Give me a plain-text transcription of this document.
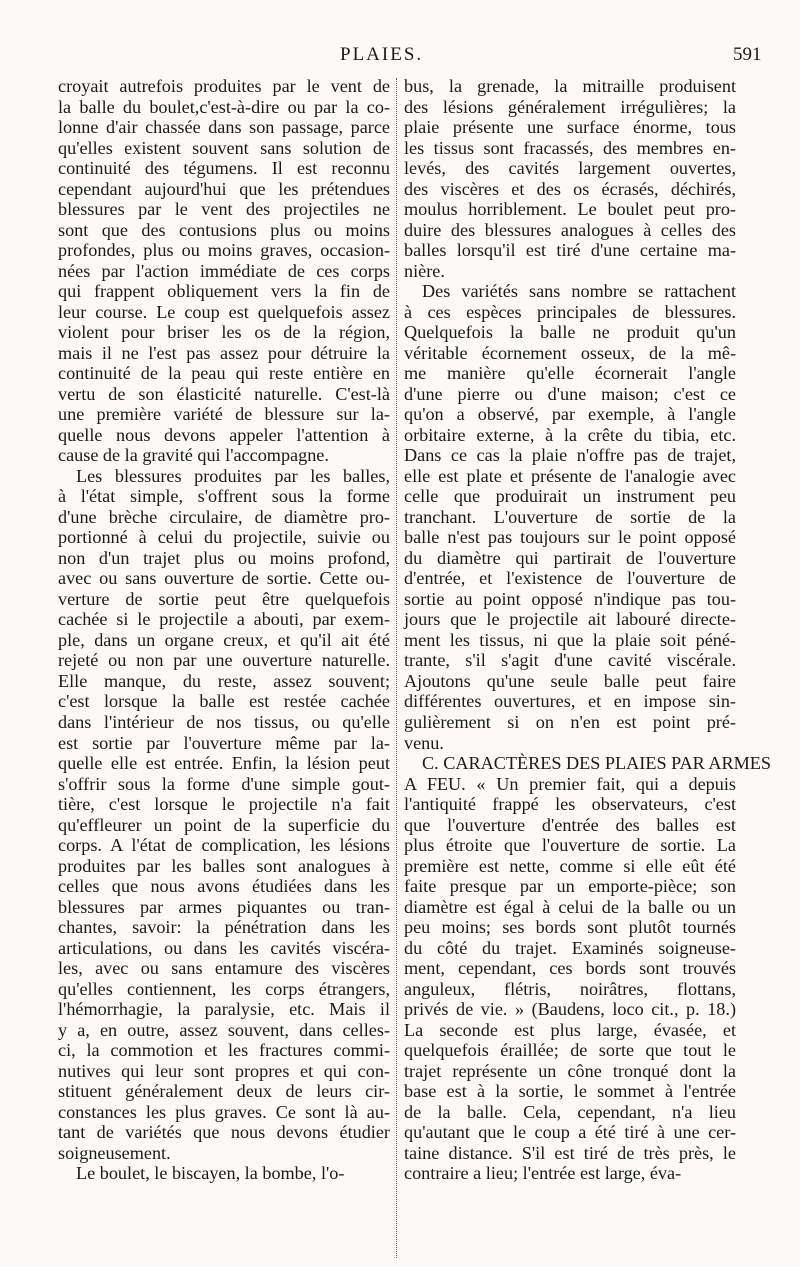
PLAIES.	591
croyait autrefois produites par le vent de
la balle du boulet,c'est-à-dire ou par la co-
lonne d'air chassée dans son passage, parce
qu'elles existent souvent sans solution de
continuité des tégumens. Il est reconnu
cependant aujourd'hui que les prétendues
blessures par le vent des projectiles ne
sont que des contusions plus ou moins
profondes, plus ou moins graves, occasion-
nées par l'action immédiate de ces corps
qui frappent obliquement vers la fin de
leur course. Le coup est quelquefois assez
violent pour briser les os de la région,
mais il ne l'est pas assez pour détruire la
continuité de la peau qui reste entière en
vertu de son élasticité naturelle. C'est-là
une première variété de blessure sur la-
quelle nous devons appeler l'attention à
cause de la gravité qui l'accompagne.
Les blessures produites par les balles,
à l'état simple, s'offrent sous la forme
d'une brèche circulaire, de diamètre pro-
portionné à celui du projectile, suivie ou
non d'un trajet plus ou moins profond,
avec ou sans ouverture de sortie. Cette ou-
verture de sortie peut être quelquefois
cachée si le projectile a abouti, par exem-
ple, dans un organe creux, et qu'il ait été
rejeté ou non par une ouverture naturelle.
Elle manque, du reste, assez souvent;
c'est lorsque la balle est restée cachée
dans l'intérieur de nos tissus, ou qu'elle
est sortie par l'ouverture même par la-
quelle elle est entrée. Enfin, la lésion peut
s'offrir sous la forme d'une simple gout-
tière, c'est lorsque le projectile n'a fait
qu'effleurer un point de la superficie du
corps. A l'état de complication, les lésions
produites par les balles sont analogues à
celles que nous avons étudiées dans les
blessures par armes piquantes ou tran-
chantes, savoir: la pénétration dans les
articulations, ou dans les cavités viscéra-
les, avec ou sans entamure des viscères
qu'elles contiennent, les corps étrangers,
l'hémorrhagie, la paralysie, etc. Mais il
y a, en outre, assez souvent, dans celles-
ci, la commotion et les fractures commi-
nutives qui leur sont propres et qui con-
stituent généralement deux de leurs cir-
constances les plus graves. Ce sont là au-
tant de variétés que nous devons étudier
soigneusement.
Le boulet, le biscayen, la bombe, l'o-
bus, la grenade, la mitraille produisent
des lésions généralement irrégulières; la
plaie présente une surface énorme, tous
les tissus sont fracassés, des membres en-
levés, des cavités largement ouvertes,
des viscères et des os écrasés, déchirés,
moulus horriblement. Le boulet peut pro-
duire des blessures analogues à celles des
balles lorsqu'il est tiré d'une certaine ma-
nière.
Des variétés sans nombre se rattachent
à ces espèces principales de blessures.
Quelquefois la balle ne produit qu'un
véritable écornement osseux, de la mê-
me manière qu'elle écornerait l'angle
d'une pierre ou d'une maison; c'est ce
qu'on a observé, par exemple, à l'angle
orbitaire externe, à la crête du tibia, etc.
Dans ce cas la plaie n'offre pas de trajet,
elle est plate et présente de l'analogie avec
celle que produirait un instrument peu
tranchant. L'ouverture de sortie de la
balle n'est pas toujours sur le point opposé
du diamètre qui partirait de l'ouverture
d'entrée, et l'existence de l'ouverture de
sortie au point opposé n'indique pas tou-
jours que le projectile ait labouré directe-
ment les tissus, ni que la plaie soit péné-
trante, s'il s'agit d'une cavité viscérale.
Ajoutons qu'une seule balle peut faire
différentes ouvertures, et en impose sin-
gulièrement si on n'en est point pré-
venu.
C. CARACTÈRES DES PLAIES PAR ARMES
A FEU. « Un premier fait, qui a depuis
l'antiquité frappé les observateurs, c'est
que l'ouverture d'entrée des balles est
plus étroite que l'ouverture de sortie. La
première est nette, comme si elle eût été
faite presque par un emporte-pièce; son
diamètre est égal à celui de la balle ou un
peu moins; ses bords sont plutôt tournés
du côté du trajet. Examinés soigneuse-
ment, cependant, ces bords sont trouvés
anguleux, flétris, noirâtres, flottans,
privés de vie. » (Baudens, loco cit., p. 18.)
La seconde est plus large, évasée, et
quelquefois éraillée; de sorte que tout le
trajet représente un cône tronqué dont la
base est à la sortie, le sommet à l'entrée
de la balle. Cela, cependant, n'a lieu
qu'autant que le coup a été tiré à une cer-
taine distance. S'il est tiré de très près, le
contraire a lieu; l'entrée est large, éva-
